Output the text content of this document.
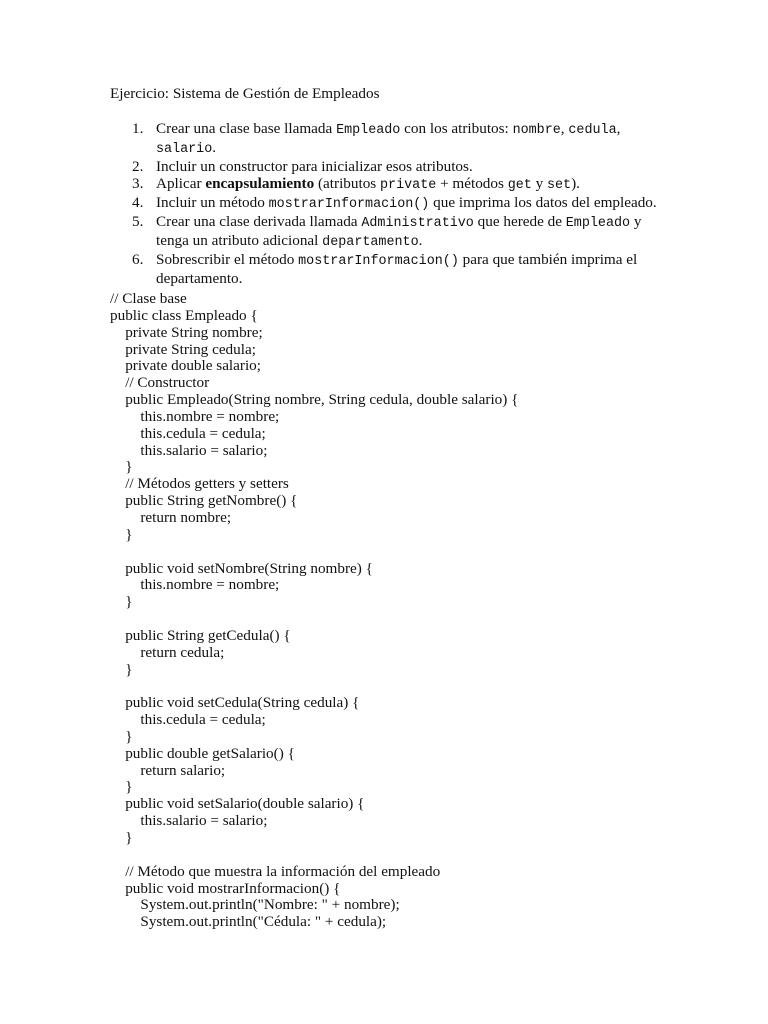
Ejercicio: Sistema de Gestión de Empleados
1. Crear una clase base llamada Empleado con los atributos: nombre, cedula, salario.
2. Incluir un constructor para inicializar esos atributos.
3. Aplicar encapsulamiento (atributos private + métodos get y set).
4. Incluir un método mostrarInformacion() que imprima los datos del empleado.
5. Crear una clase derivada llamada Administrativo que herede de Empleado y tenga un atributo adicional departamento.
6. Sobrescribir el método mostrarInformacion() para que también imprima el departamento.
// Clase base
public class Empleado {
private String nombre;
private String cedula;
private double salario;
// Constructor
public Empleado(String nombre, String cedula, double salario) {
this.nombre = nombre;
this.cedula = cedula;
this.salario = salario;
}
// Métodos getters y setters
public String getNombre() {
return nombre;
}
public void setNombre(String nombre) {
this.nombre = nombre;
}
public String getCedula() {
return cedula;
}
public void setCedula(String cedula) {
this.cedula = cedula;
}
public double getSalario() {
return salario;
}
public void setSalario(double salario) {
this.salario = salario;
}
// Método que muestra la información del empleado
public void mostrarInformacion() {
System.out.println("Nombre: " + nombre);
System.out.println("Cédula: " + cedula);
